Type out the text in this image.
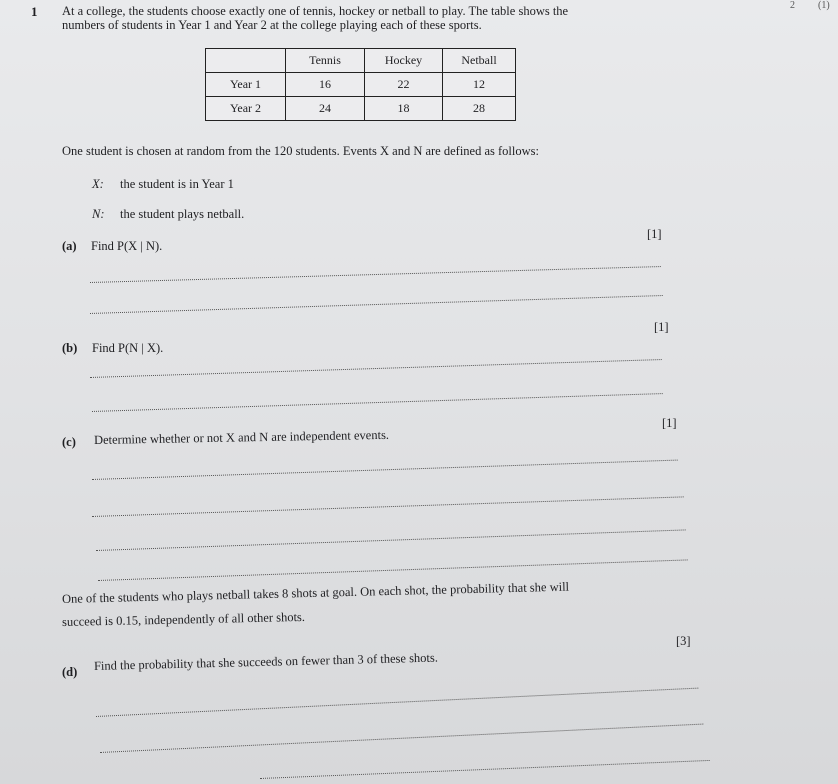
1	2 (1)
At a college, the students choose exactly one of tennis, hockey or netball to play. The table shows the
numbers of students in Year 1 and Year 2 at the college playing each of these sports.
	Tennis	Hockey	Netball
Year 1	16	22	12
Year 2	24	18	28
One student is chosen at random from the 120 students. Events X and N are defined as follows:
X: the student is in Year 1
N: the student plays netball.
[1]
(a) Find P(X | N).
[1]
(b) Find P(N | X).
[1]
(c) Determine whether or not X and N are independent events.
One of the students who plays netball takes 8 shots at goal. On each shot, the probability that she will
succeed is 0.15, independently of all other shots.
[3]
(d) Find the probability that she succeeds on fewer than 3 of these shots.
